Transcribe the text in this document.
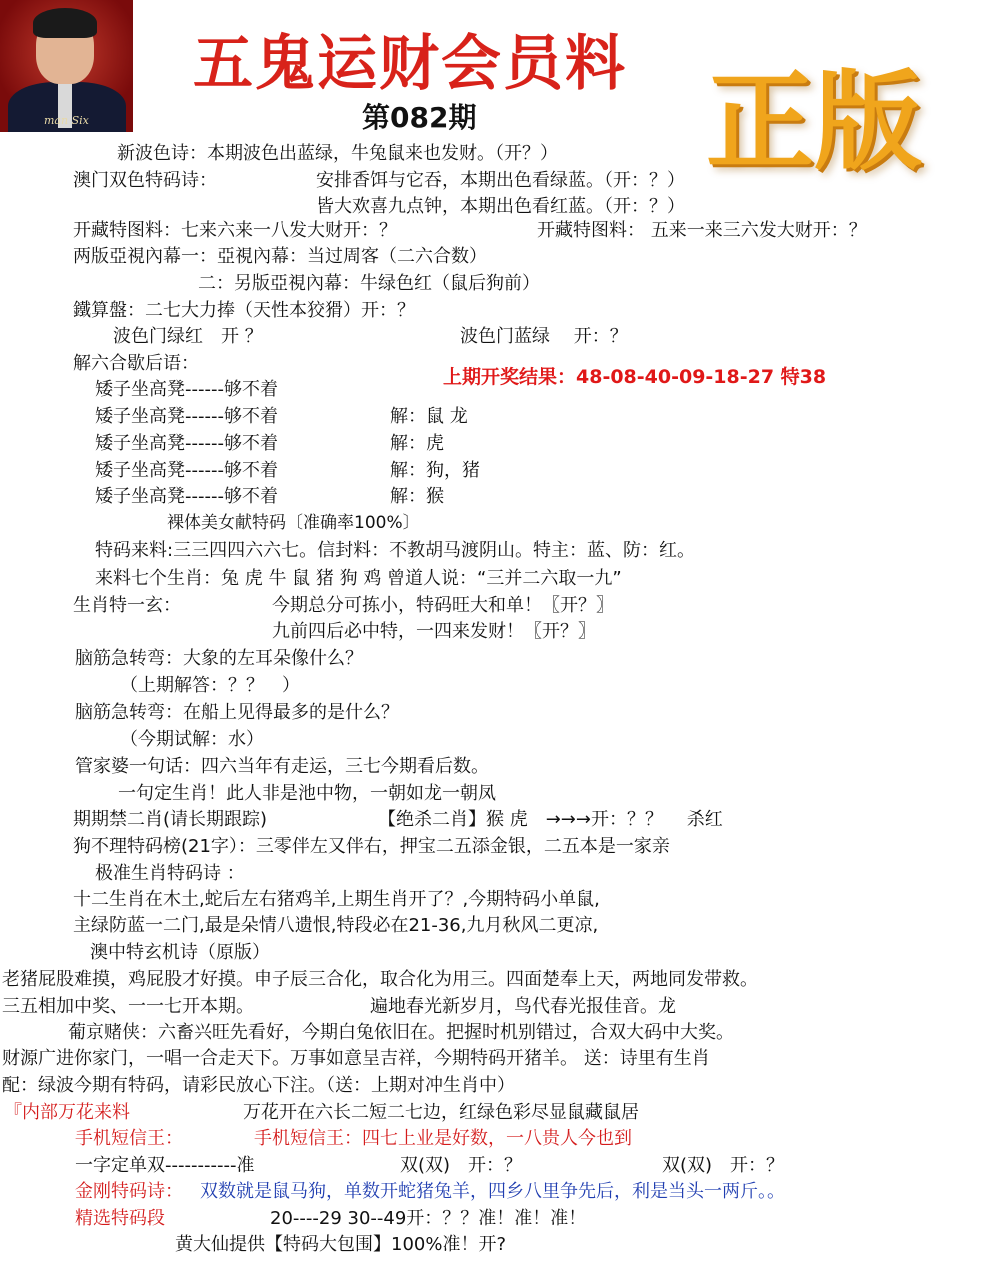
man Six
五鬼运财会员料
第082期 正版
新波色诗：本期波色出蓝绿，牛兔鼠来也发财。（开？）
澳门双色特码诗：	安排香饵与它吞，本期出色看绿蓝。（开：？）
皆大欢喜九点钟，本期出色看红蓝。（开：？）
开藏特图料：七来六来一八发大财开：？	开藏特图料： 五来一来三六发大财开：？
两版亞視內幕一：亞視內幕：当过周客（二六合数）
二：另版亞視內幕：牛绿色红（鼠后狗前）
鐵算盤：二七大力捧（天性本狡猾）开：？
波色门绿红　开 ？	波色门蓝绿　 开：？
解六合歇后语：
上期开奖结果：48-08-40-09-18-27 特38
矮子坐高凳------够不着
矮子坐高凳------够不着	解：鼠 龙
矮子坐高凳------够不着	解：虎
矮子坐高凳------够不着	解：狗，猪
矮子坐高凳------够不着	解：猴
裸体美女献特码〔准确率100%〕
特码来料:三三四四六六七。信封料：不教胡马渡阴山。特主：蓝、防：红。
来料七个生肖：兔 虎 牛 鼠 猪 狗 鸡 曾道人说：“三并二六取一九”
生肖特一玄：	今期总分可拣小，特码旺大和单！〖开？〗
九前四后必中特，一四来发财！〖开？〗
脑筋急转弯：大象的左耳朵像什么？
（上期解答：？？　）
脑筋急转弯：在船上见得最多的是什么？
（今期试解：水）
管家婆一句话：四六当年有走运，三七今期看后数。
一句定生肖！此人非是池中物，一朝如龙一朝凤
期期禁二肖(请长期跟踪)	【绝杀二肖】猴 虎　→→→开：？？　 杀红
狗不理特码榜(21字）：三零伴左又伴右，押宝二五添金银，二五本是一家亲
极准生肖特码诗 ：
十二生肖在木土,蛇后左右猪鸡羊,上期生肖开了？,今期特码小单鼠,
主绿防蓝一二门,最是朵情八遗恨,特段必在21-36,九月秋风二更凉,
澳中特玄机诗（原版）
老猪屁股难摸，鸡屁股才好摸。申子辰三合化，取合化为用三。四面楚奉上天，两地同发带救。
三五相加中奖、一一七开本期。	遍地春光新岁月，鸟代春光报佳音。龙
葡京赌侠：六畜兴旺先看好，今期白兔依旧在。把握时机别错过，合双大码中大奖。
财源广进你家门，一唱一合走天下。万事如意呈吉祥，今期特码开猪羊。 送：诗里有生肖
配：绿波今期有特码，请彩民放心下注。（送：上期对冲生肖中）
『内部万花来料	万花开在六长二短二七边，红绿色彩尽显鼠藏鼠居
手机短信王：	手机短信王：四七上业是好数，一八贵人今也到
一字定单双-----------准	双(双)　开：？	双(双)　开：？
金刚特码诗： 双数就是鼠马狗，单数开蛇猪兔羊，四乡八里争先后，利是当头一两斤。。
精选特码段	20----29 30--49开：？？准！准！准！
黄大仙提供【特码大包围】100%准！开?
